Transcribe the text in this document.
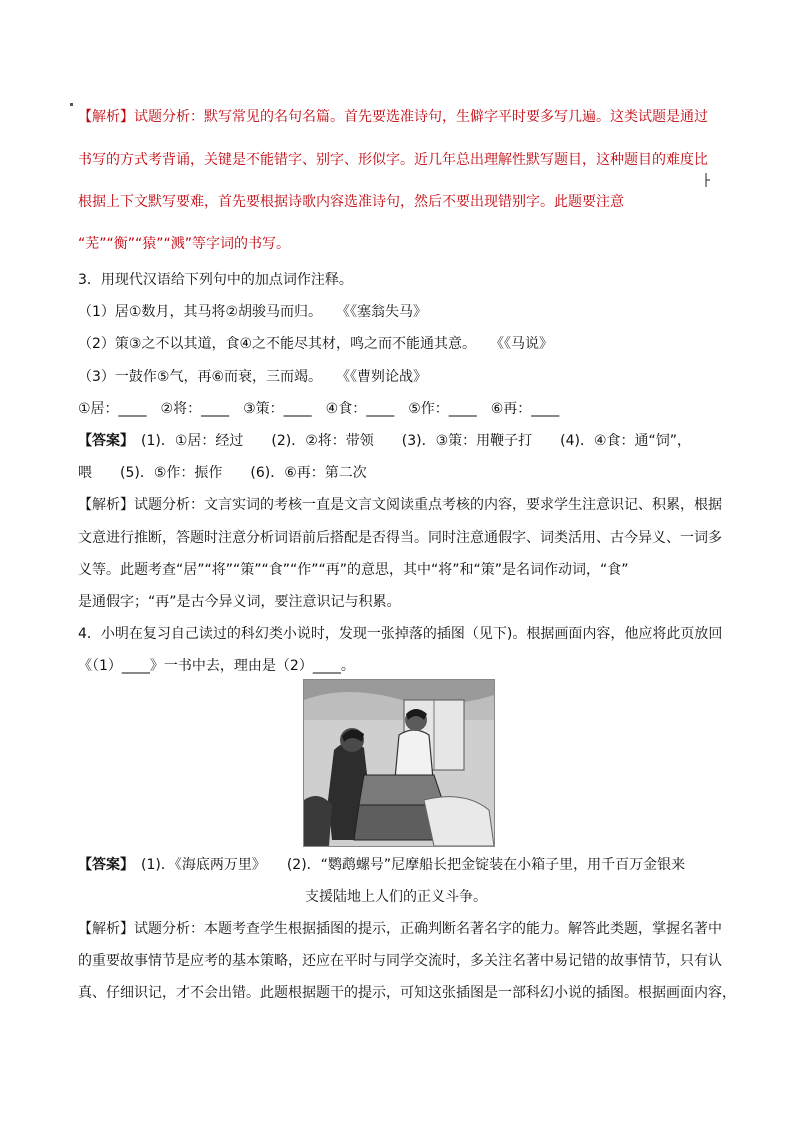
【解析】试题分析：默写常见的名句名篇。首先要选准诗句，生僻字平时要多写几遍。这类试题是通过
书写的方式考背诵，关键是不能错字、别字、形似字。近几年总出理解性默写题目，这种题目的难度比
根据上下文默写要难，首先要根据诗歌内容选准诗句，然后不要出现错别字。此题要注意
“芜”“衡”“猿”“溅”等字词的书写。
3．用现代汉语给下列句中的加点词作注释。
（1）居①数月，其马将②胡骏马而归。　　《《塞翁失马》
（2）策③之不以其道，食④之不能尽其材，鸣之而不能通其意。　　《《马说》
（3）一鼓作⑤气，再⑥而衰，三而竭。　　《《曹刿论战》
①居：____　②将：____　③策：____　④食：____　⑤作：____　⑥再：____
【答案】　(1)．①居：经过　　(2)．②将：带领　　(3)．③策：用鞭子打　　(4)．④食：通“饲”，
喂　　(5)．⑤作：振作　　(6)．⑥再：第二次
【解析】试题分析：文言实词的考核一直是文言文阅读重点考核的内容，要求学生注意识记、积累，根据
文意进行推断，答题时注意分析词语前后搭配是否得当。同时注意通假字、词类活用、古今异义、一词多
义等。此题考查“居”“将”“策”“食”“作”“再”的意思，其中“将”和“策”是名词作动词，“食”
是通假字；“再”是古今异义词，要注意识记与积累。
4．小明在复习自己读过的科幻类小说时，发现一张掉落的插图（见下)。根据画面内容，他应将此页放回
《（1）____》一书中去，理由是（2）____。
【答案】　(1)．《海底两万里》　　(2)．“鹦鹉螺号”尼摩船长把金锭装在小箱子里，用千百万金银来
支援陆地上人们的正义斗争。
【解析】试题分析：本题考查学生根据插图的提示，正确判断名著名字的能力。解答此类题，掌握名著中
的重要故事情节是应考的基本策略，还应在平时与同学交流时，多关注名著中易记错的故事情节，只有认
真、仔细识记，才不会出错。此题根据题干的提示，可知这张插图是一部科幻小说的插图。根据画面内容，
